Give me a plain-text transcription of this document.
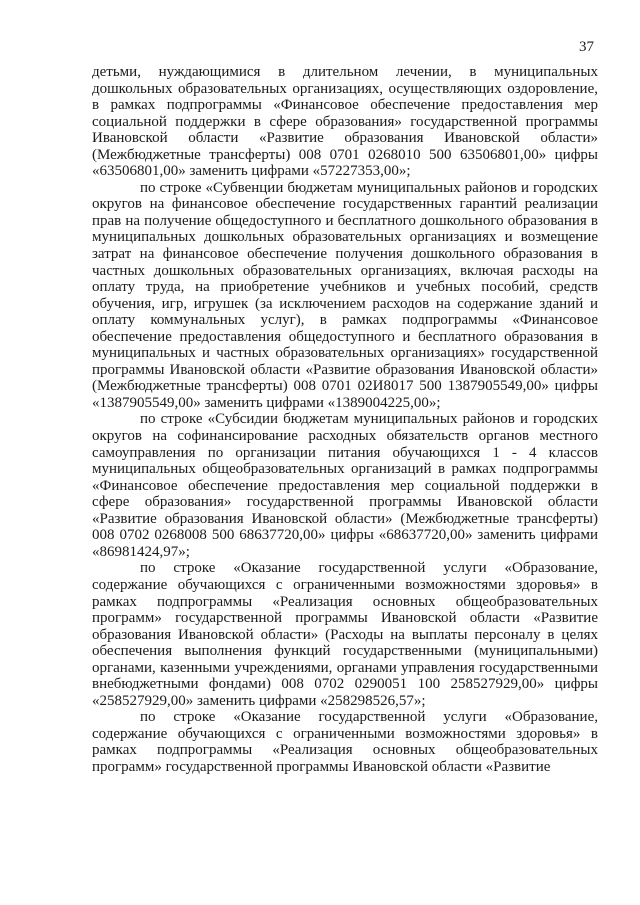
37

детьми, нуждающимися в длительном лечении, в муниципальных дошкольных образовательных организациях, осуществляющих оздоровление, в рамках подпрограммы «Финансовое обеспечение предоставления мер социальной поддержки в сфере образования» государственной программы Ивановской области «Развитие образования Ивановской области» (Межбюджетные трансферты) 008 0701 0268010 500 63506801,00» цифры «63506801,00» заменить цифрами «57227353,00»;

по строке «Субвенции бюджетам муниципальных районов и городских округов на финансовое обеспечение государственных гарантий реализации прав на получение общедоступного и бесплатного дошкольного образования в муниципальных дошкольных образовательных организациях и возмещение затрат на финансовое обеспечение получения дошкольного образования в частных дошкольных образовательных организациях, включая расходы на оплату труда, на приобретение учебников и учебных пособий, средств обучения, игр, игрушек (за исключением расходов на содержание зданий и оплату коммунальных услуг), в рамках подпрограммы «Финансовое обеспечение предоставления общедоступного и бесплатного образования в муниципальных и частных образовательных организациях» государственной программы Ивановской области «Развитие образования Ивановской области» (Межбюджетные трансферты) 008 0701 02И8017 500 1387905549,00» цифры «1387905549,00» заменить цифрами «1389004225,00»;

по строке «Субсидии бюджетам муниципальных районов и городских округов на софинансирование расходных обязательств органов местного самоуправления по организации питания обучающихся 1 - 4 классов муниципальных общеобразовательных организаций в рамках подпрограммы «Финансовое обеспечение предоставления мер социальной поддержки в сфере образования» государственной программы Ивановской области «Развитие образования Ивановской области» (Межбюджетные трансферты) 008 0702 0268008 500 68637720,00» цифры «68637720,00» заменить цифрами «86981424,97»;

по строке «Оказание государственной услуги «Образование, содержание обучающихся с ограниченными возможностями здоровья» в рамках подпрограммы «Реализация основных общеобразовательных программ» государственной программы Ивановской области «Развитие образования Ивановской области» (Расходы на выплаты персоналу в целях обеспечения выполнения функций государственными (муниципальными) органами, казенными учреждениями, органами управления государственными внебюджетными фондами) 008 0702 0290051 100 258527929,00» цифры «258527929,00» заменить цифрами «258298526,57»;

по строке «Оказание государственной услуги «Образование, содержание обучающихся с ограниченными возможностями здоровья» в рамках подпрограммы «Реализация основных общеобразовательных программ» государственной программы Ивановской области «Развитие
